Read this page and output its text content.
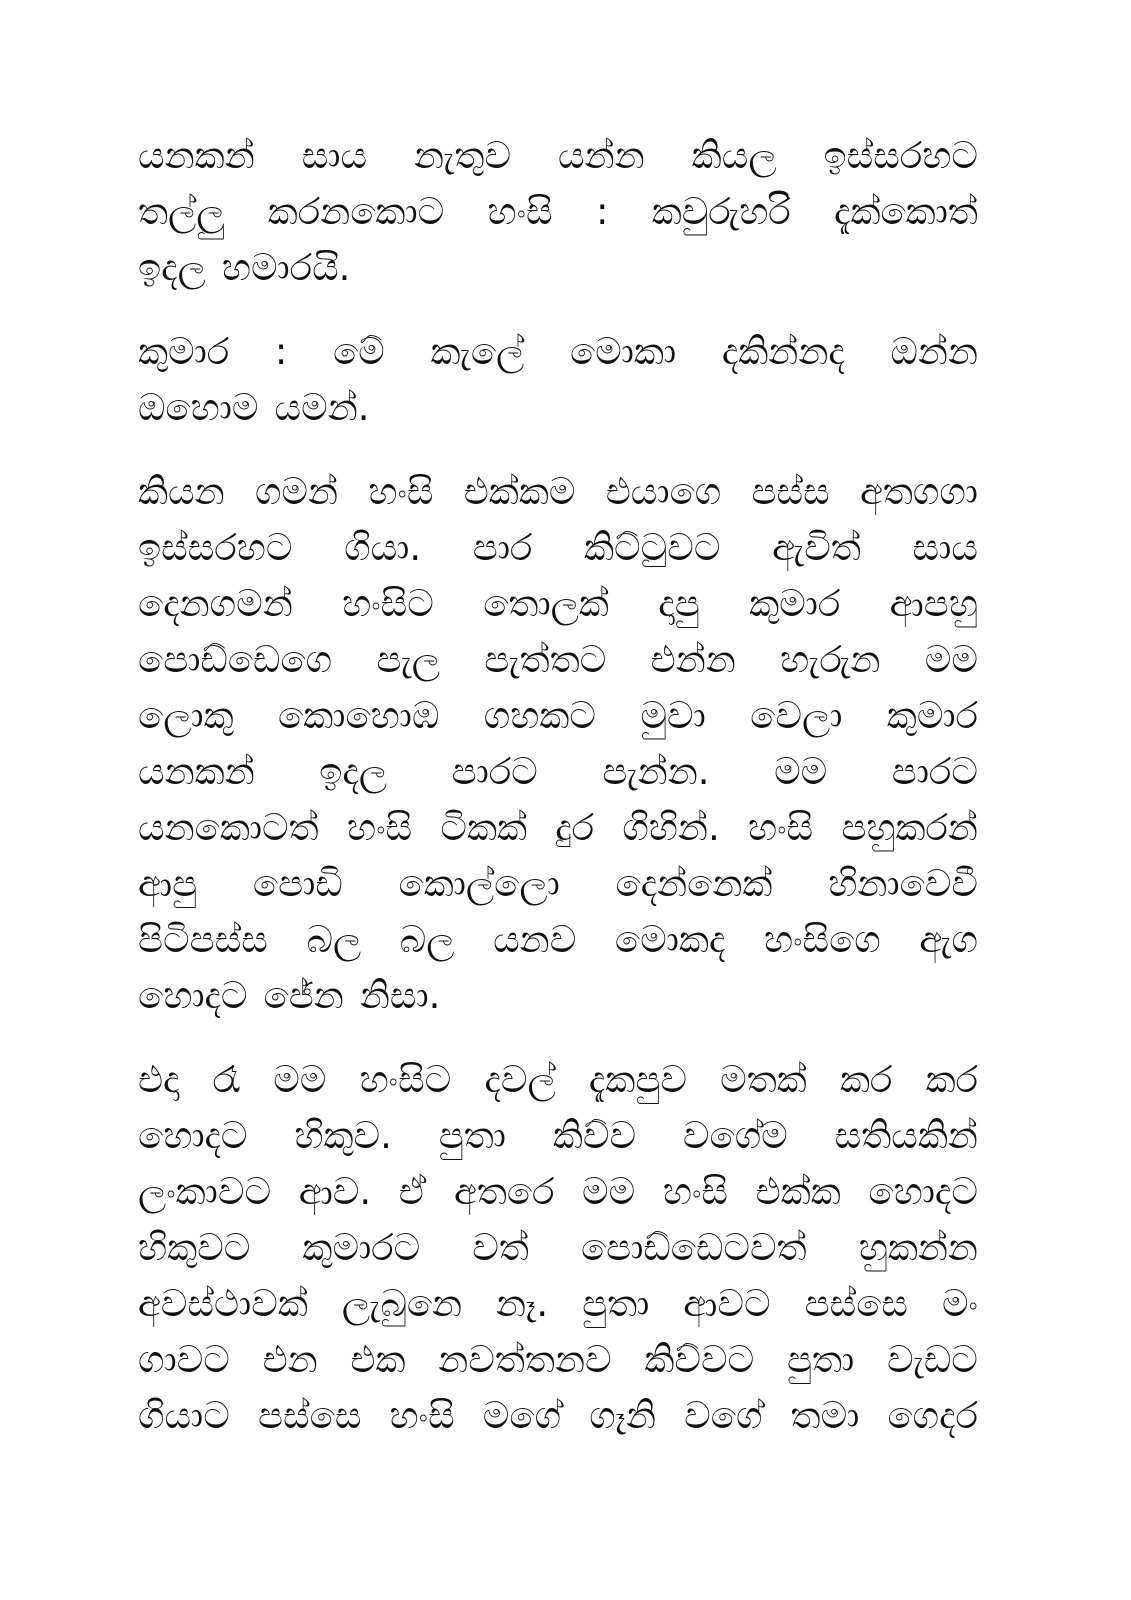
යනකන් සාය නැතුව යන්න කියල ඉස්සරහට
තල්ලු කරනකොට හංසි : කවුරුහරි දැක්කොත්
ඉදල හමාරයි.
කුමාර : මේ කැලේ මොකා දකින්නද ඔන්න
ඔහොම යමන්.
කියන ගමන් හංසි එක්කම එයාගෙ පස්ස අතගගා
ඉස්සරහට ගියා. පාර කිට්ටුවට ඇවිත් සාය
දෙනගමන් හංසිට තොලක් දාපු කුමාර ආපහු
පොඩ්ඩෙගෙ පැල පැත්තට එන්න හැරුන මම
ලොකු කොහොඹ ගහකට මුවා වෙලා කුමාර
යනකන් ඉදල පාරට පැන්න. මම පාරට
යනකොටත් හංසි ටිකක් දුර ගිහින්. හංසි පහුකරන්
ආපු පොඩි කොල්ලො දෙන්නෙක් හිනාවෙවී
පිටිපස්ස බල බල යනව මොකද හංසිගෙ ඇග
හොදට ජේන නිසා.
එදා රෑ මම හංසිට දවල් දැකපුව මතක් කර කර
හොදට හිකුව. පුතා කිව්ව වගේම සතියකින්
ලංකාවට ආව. ඒ අතරෙ මම හංසි එක්ක හොදට
හිකුවට කුමාරට වත් පොඩ්ඩෙටවත් හුකන්න
අවස්ථාවක් ලැබුනෙ නෑ. පුතා ආවට පස්සෙ මං
ගාවට එන එක නවත්තනව කිව්වට පුතා වැඩට
ගියාට පස්සෙ හංසි මගේ ගෑනි වගේ තමා ගෙදර
